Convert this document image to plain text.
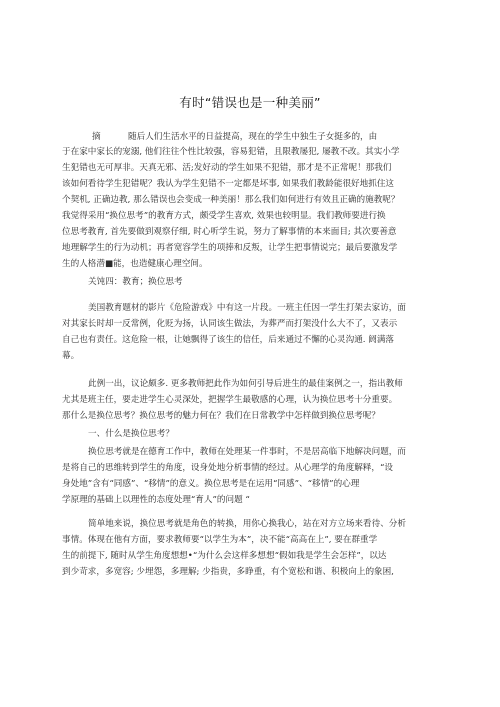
有时“错误也是一种美丽”
摘	随后人们生活水平的日益提高，现在的学生中独生子女挺多的，由
于在家中家长的宠溺, 他们往往个性比较强，容易犯错，且限教屡犯, 屡教不改。其实小学
生犯错也无可厚非。天真无邪、活;发好动的学生如果不犯错，那才是不正常呢！那我们
该如何看待学生犯错呢？我认为学生犯错不一定都是坏事, 如果我们教龄能很好地抓住这
个契机, 正确边教, 那么错误也会变成一种美丽！那么我们如何进行有效且正确的施教呢？
我觉得采用“换位思考”的教育方式，颇受学生喜欢, 效果也较明显。我们教师要进行换
位思考教育, 首先要做到观察仔细, 时心听学生说，努力了解事情的本来面目; 其次要善意
地理解学生的行为动机；再者宽容学生的项捧和反叛，让学生把事情说完；最后要激发学
生的人格潜■能，也造健康心理空间。
关饨四：教育；换位思考
美国教育题材的影片《危险游戏》中有这一片段。一班主任因一学生打架去家访，面
对其家长时却一反常例，化贬为扬，认同该生做法，为葬严而打架没什么大不了，又表示
自己也有责任。这危险一根，让她飘得了该生的信任，后来通过不懈的心灵沟通. 阏满落
幕。
此例一出，议论颇多. 更多教师把此作为如何引导后进生的最佳案例之一，指出教师
尤其是班主任，要走进学生心灵深处，把握学生最敬感的心理，认为换位思考十分重要。
那什么是换位思考？换位思考的魅力何在？我们在日常教学中怎样做到换位思考呢？
一、什么是换位思考？
换位思考就是在德育工作中，教师在处理某一件事时，不是居高临下地解决问题，而
是将自己的思维转到学生的角度，设身处地分析事情的经过。从心理学的角度解释，“设
身处地”含有“同感”、“移情”的意义。换位思考是在运用“同感”、“移情”的心理
学原理的基础上以理性的态度处理“育人”的问题 “
简单地来说，换位思考就是角色的转换，用你心换我心，站在对方立场来看待、分析
事情。体现在他有方面，要求教师要“以学生为本”，决不能“高高在上”, 要在群重学
生的前提下, 随时从学生角度想想•“为什么会这样多想想“假如我是学生会怎样”，以达
到少苛求，多宽容; 少埋怨，多理解; 少指贵，多睁重，有个宽松和谐、积极向上的象困,
